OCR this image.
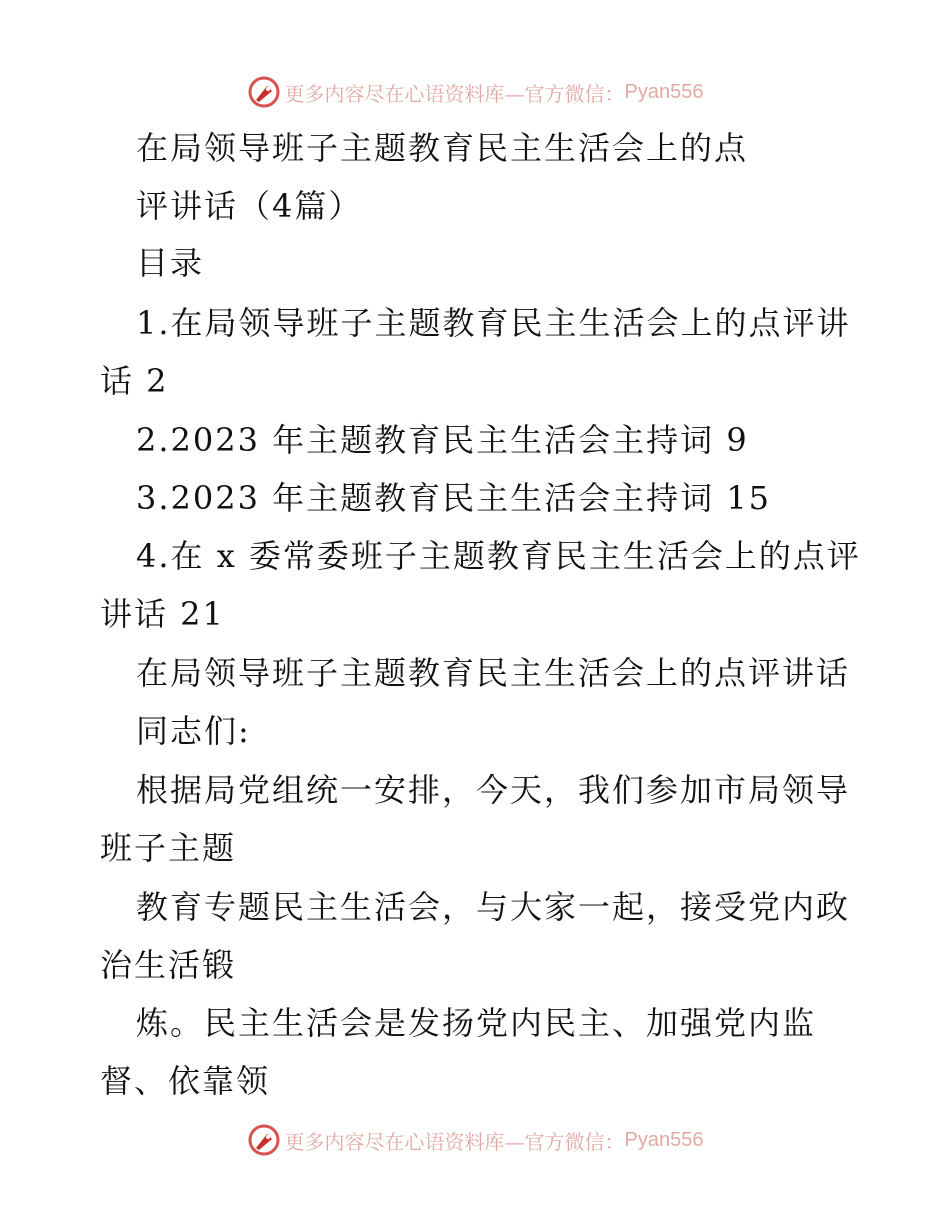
更多内容尽在心语资料库—官方微信： Pyan556
在局领导班子主题教育民主生活会上的点
评讲话（4篇）
目录
1.在局领导班子主题教育民主生活会上的点评讲
话 2
2.2023 年主题教育民主生活会主持词 9
3.2023 年主题教育民主生活会主持词 15
4.在 x 委常委班子主题教育民主生活会上的点评
讲话 21
在局领导班子主题教育民主生活会上的点评讲话
同志们:
根据局党组统一安排，今天，我们参加市局领导
班子主题
教育专题民主生活会，与大家一起，接受党内政
治生活锻
炼。民主生活会是发扬党内民主、加强党内监
督、依靠领
更多内容尽在心语资料库—官方微信： Pyan556
